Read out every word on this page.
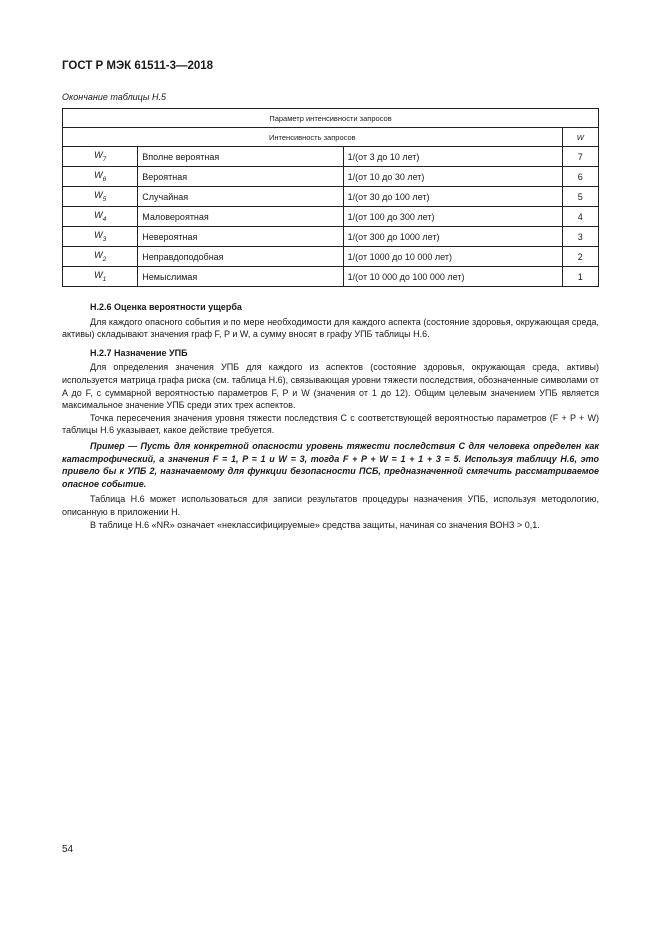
ГОСТ Р МЭК 61511-3—2018
Окончание таблицы Н.5
Параметр интенсивности запросов			
Интенсивность запросов			W
$W_7$	Вполне вероятная	1/(от 3 до 10 лет)	7
$W_6$	Вероятная	1/(от 10 до 30 лет)	6
$W_5$	Случайная	1/(от 30 до 100 лет)	5
$W_4$	Маловероятная	1/(от 100 до 300 лет)	4
$W_3$	Невероятная	1/(от 300 до 1000 лет)	3
$W_2$	Неправдоподобная	1/(от 1000 до 10 000 лет)	2
$W_1$	Немыслимая	1/(от 10 000 до 100 000 лет)	1

Н.2.6 Оценка вероятности ущерба

Для каждого опасного события и по мере необходимости для каждого аспекта (состояние здоровья, окружающая среда, активы) складывают значения граф F, P и W, а сумму вносят в графу УПБ таблицы Н.6.

Н.2.7 Назначение УПБ

Для определения значения УПБ для каждого из аспектов (состояние здоровья, окружающая среда, активы) используется матрица графа риска (см. таблица Н.6), связывающая уровни тяжести последствия, обозначенные символами от A до F, с суммарной вероятностью параметров F, P и W (значения от 1 до 12). Общим целевым значением УПБ является максимальное значение УПБ среди этих трех аспектов.

Точка пересечения значения уровня тяжести последствия C с соответствующей вероятностью параметров (F + P + W) таблицы Н.6 указывает, какое действие требуется.

Пример — Пусть для конкретной опасности уровень тяжести последствия C для человека определен как катастрофический, а значения F = 1, P = 1 и W = 3, тогда F + P + W = 1 + 1 + 3 = 5. Используя таблицу Н.6, это привело бы к УПБ 2, назначаемому для функции безопасности ПСБ, предназначенной смягчить рассматриваемое опасное событие.

Таблица Н.6 может использоваться для записи результатов процедуры назначения УПБ, используя методологию, описанную в приложении Н.

В таблице Н.6 «NR» означает «неклассифицируемые» средства защиты, начиная со значения ВОНЗ > 0,1.

54
